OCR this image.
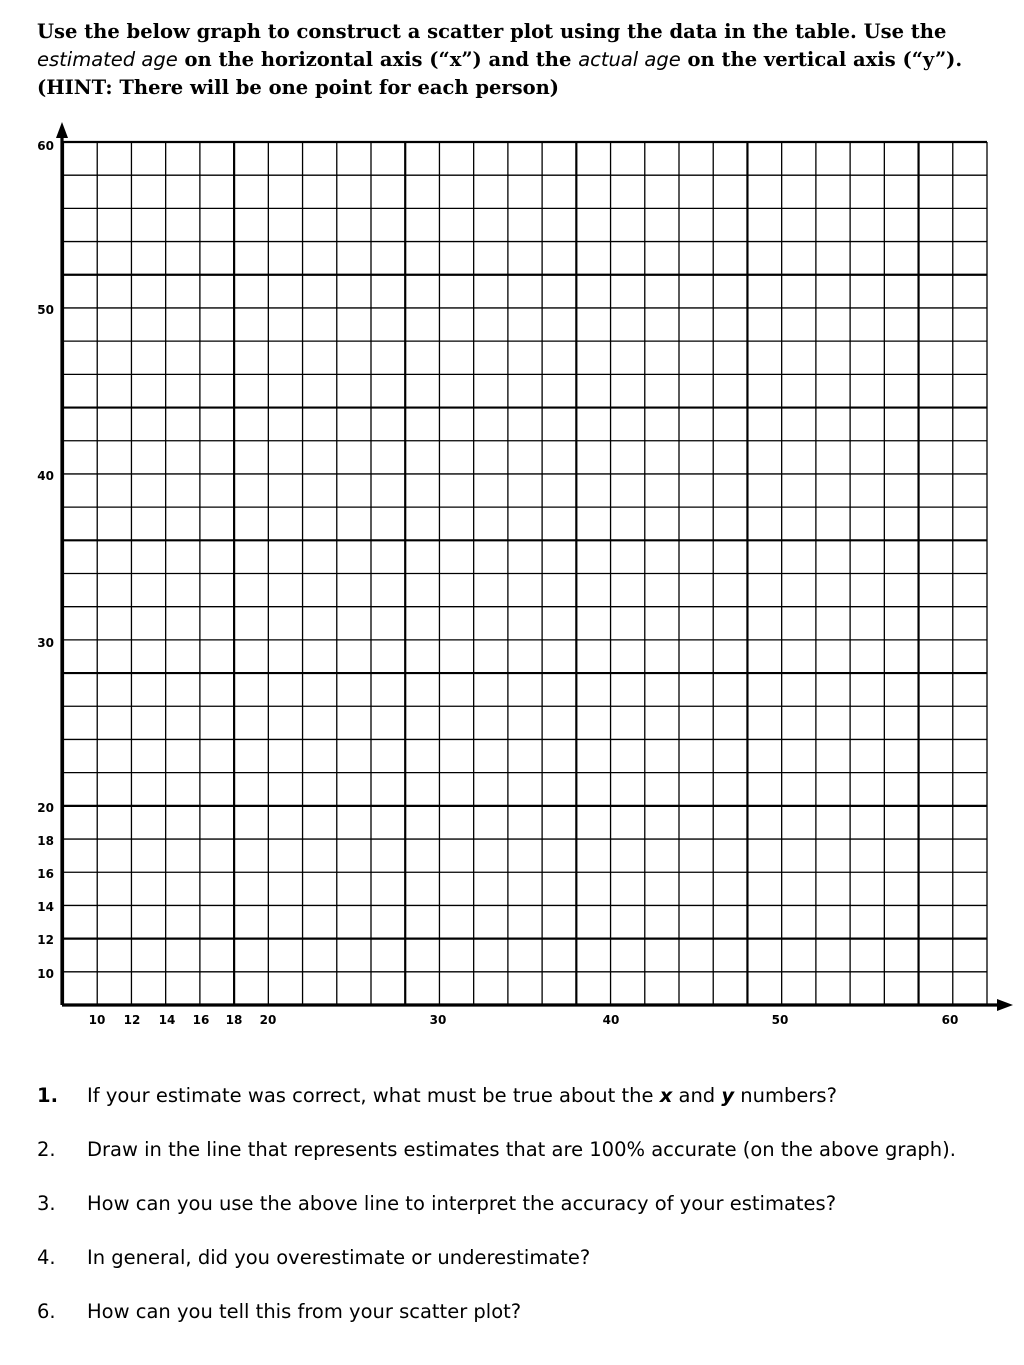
Use the below graph to construct a scatter plot using the data in the table. Use the
estimated age on the horizontal axis (“x”) and the actual age on the vertical axis (“y”).
(HINT: There will be one point for each person)
10 12 14 16 18 20	30	40	50	60
60
50
40
30
20
18
16
14
12
10
1. If your estimate was correct, what must be true about the x and y numbers?
2. Draw in the line that represents estimates that are 100% accurate (on the above graph).
3. How can you use the above line to interpret the accuracy of your estimates?
4. In general, did you overestimate or underestimate?
6. How can you tell this from your scatter plot?
